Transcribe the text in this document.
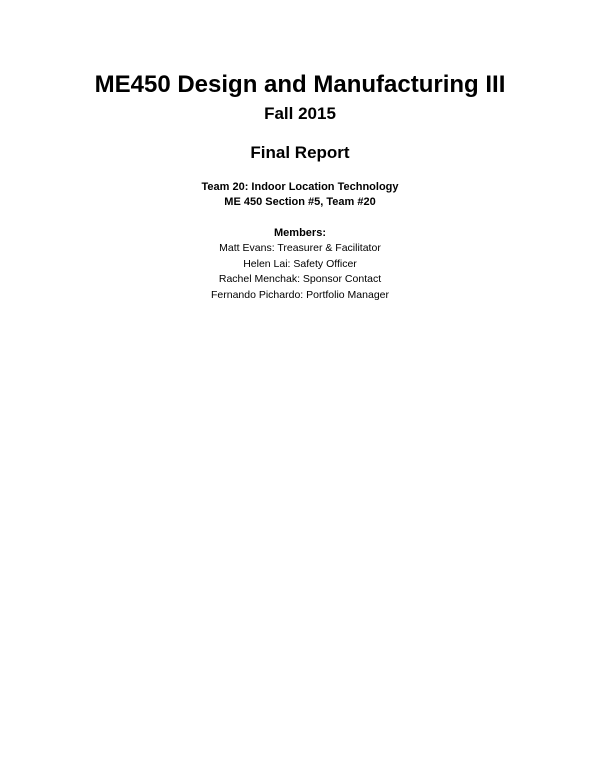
ME450 Design and Manufacturing III
Fall 2015
Final Report
Team 20: Indoor Location Technology
ME 450 Section #5, Team #20
Members:
Matt Evans: Treasurer & Facilitator
Helen Lai: Safety Officer
Rachel Menchak: Sponsor Contact
Fernando Pichardo: Portfolio Manager
